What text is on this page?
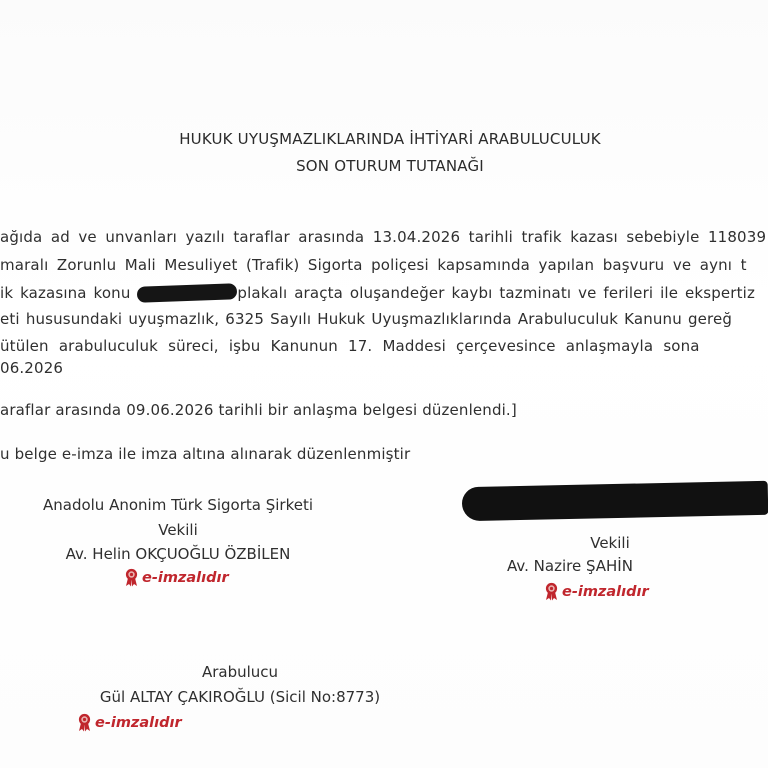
HUKUK UYUŞMAZLIKLARINDA İHTİYARİ ARABULUCULUK
SON OTURUM TUTANAĞI
ağıda ad ve unvanları yazılı taraflar arasında 13.04.2026 tarihli trafik kazası sebebiyle 118039
maralı Zorunlu Mali Mesuliyet (Trafik) Sigorta poliçesi kapsamında yapılan başvuru ve aynı t
ik kazasına konu	plakalı araçta oluşandeğer kaybı tazminatı ve ferileri ile ekspertiz
eti hususundaki uyuşmazlık, 6325 Sayılı Hukuk Uyuşmazlıklarında Arabuluculuk Kanunu gereğ
ütülen arabuluculuk süreci, işbu Kanunun 17. Maddesi çerçevesince anlaşmayla sona
06.2026
araflar arasında 09.06.2026 tarihli bir anlaşma belgesi düzenlendi.]
u belge e-imza ile imza altına alınarak düzenlenmiştir
Anadolu Anonim Türk Sigorta Şirketi
Vekili
Av. Helin OKÇUOĞLU ÖZBİLEN
e-imzalıdır
Vekili
Av. Nazire ŞAHİN
e-imzalıdır
Arabulucu
Gül ALTAY ÇAKIROĞLU (Sicil No:8773)
e-imzalıdır
